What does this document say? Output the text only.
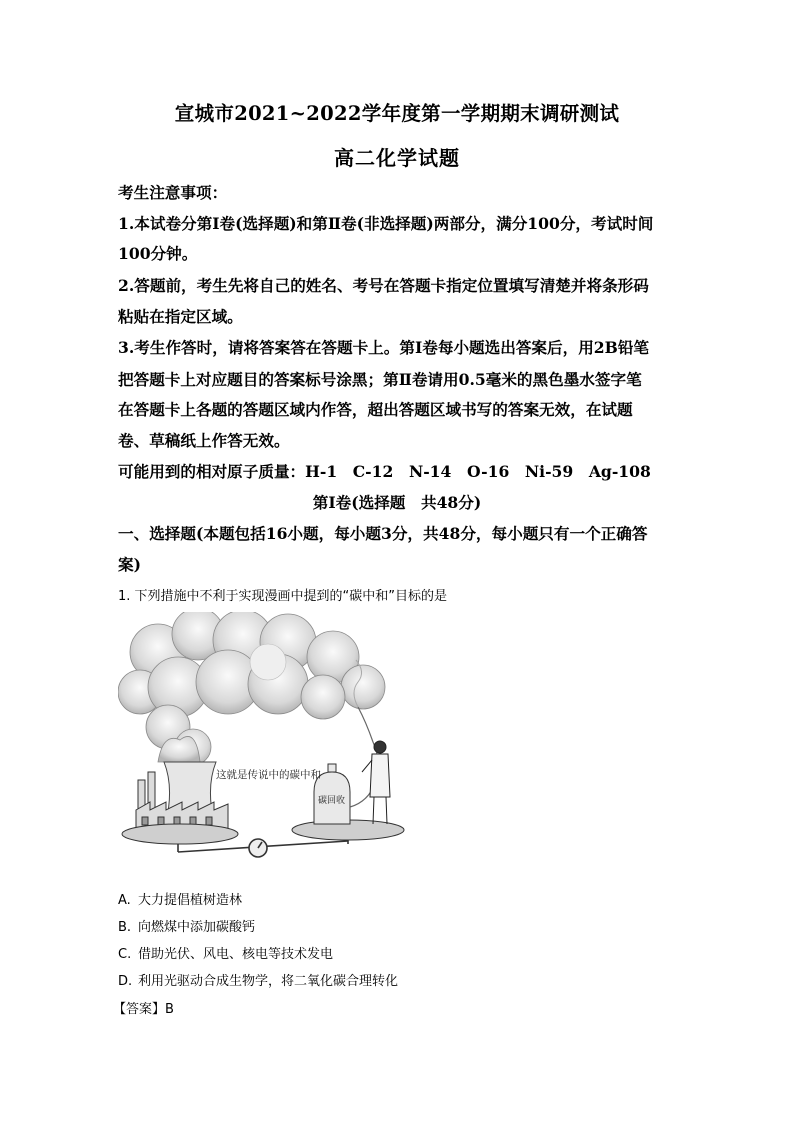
宣城市2021~2022学年度第一学期期末调研测试
高二化学试题
考生注意事项：
1.本试卷分第Ⅰ卷(选择题)和第Ⅱ卷(非选择题)两部分，满分100分，考试时间
100分钟。
2.答题前，考生先将自己的姓名、考号在答题卡指定位置填写清楚并将条形码
粘贴在指定区域。
3.考生作答时，请将答案答在答题卡上。第Ⅰ卷每小题选出答案后，用2B铅笔
把答题卡上对应题目的答案标号涂黑；第Ⅱ卷请用0.5毫米的黑色墨水签字笔
在答题卡上各题的答题区域内作答，超出答题区域书写的答案无效，在试题
卷、草稿纸上作答无效。
可能用到的相对原子质量：H-1　C-12　N-14　O-16　Ni-59　Ag-108
第Ⅰ卷(选择题　共48分)
一、选择题(本题包括16小题，每小题3分，共48分，每小题只有一个正确答
案)
1. 下列措施中不利于实现漫画中提到的“碳中和”目标的是
这就是传说中的碳中和
碳回收
A. 大力提倡植树造林
B. 向燃煤中添加碳酸钙
C. 借助光伏、风电、核电等技术发电
D. 利用光驱动合成生物学，将二氧化碳合理转化
【答案】B
